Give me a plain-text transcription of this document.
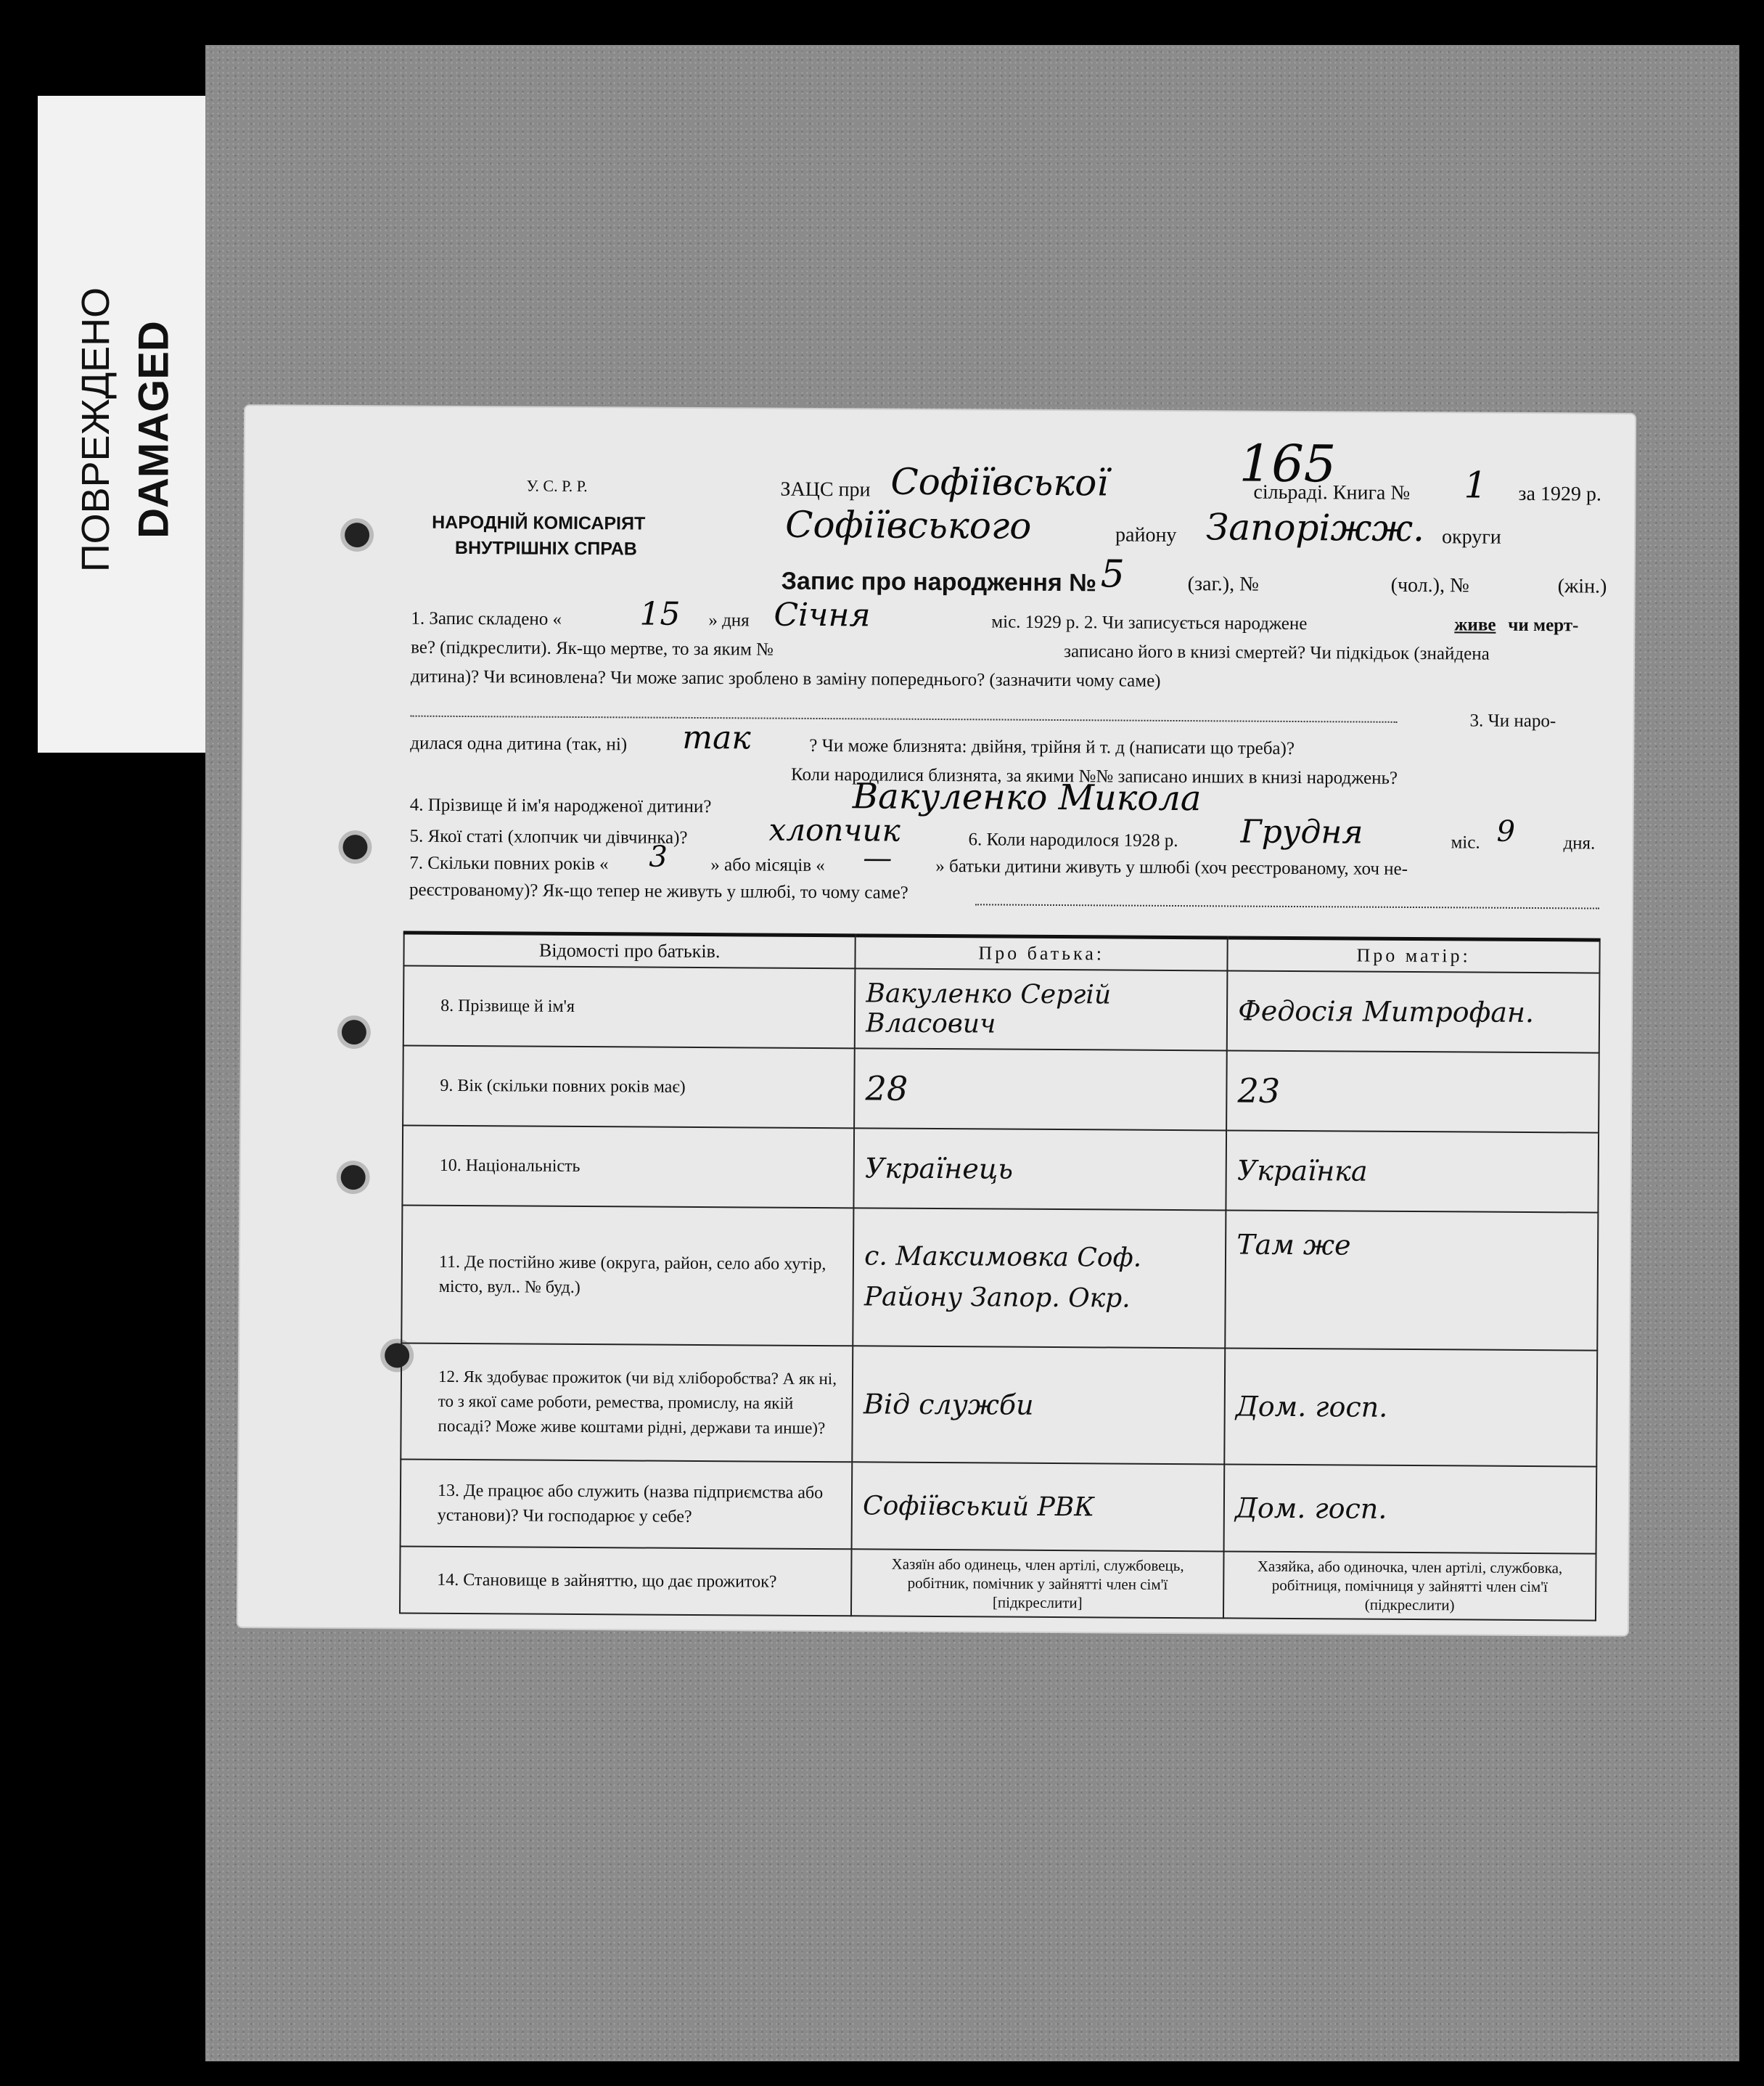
ПОВРЕЖДЕНО DAMAGED	У. С. Р. Р.
НАРОДНІЙ КОМІСАРІЯТ
ВНУТРІШНІХ СПРАВ
ЗАЦС при Софіївської	165
сільраді. Книга № 1 за 1929 р.
Софіївського	району Запоріжж. округи
Запис про народження № 5	(заг.), №	(чол.), №	(жін.)
1. Запис складено « 15 » дня Січня	міс. 1929 р. 2. Чи записується народжене	живе чи мерт-
ве? (підкреслити). Як-що мертве, то за яким №	записано його в книзі смертей? Чи підкідьок (знайдена
дитина)? Чи всиновлена? Чи може запис зроблено в заміну попереднього? (зазначити чому саме)
3. Чи наро-
дилася одна дитина (так, ні) так	? Чи може близнята: двійня, трійня й т. д (написати що треба)?
Коли народилися близнята, за якими №№ записано инших в книзі народжень?
4. Прізвище й ім'я народженої дитини?	Вакуленко Микола
5. Якої статі (хлопчик чи дівчинка)?	хлопчик	6. Коли народилося 1928 р. Грудня	міс. 9	дня.
7. Скільки повних років « 3 » або місяців « — » батьки дитини живуть у шлюбі (хоч реєстрованому, хоч не-
реєстрованому)? Як-що тепер не живуть у шлюбі, то чому саме?
Відомості про батьків.	Про батька:	Про матір:
8. Прізвище й ім'я	Вакуленко Сергій Власович	Федосія Митрофан.
9. Вік (скільки повних років має)	28	23
10. Національність	Українець	Українка
11. Де постійно живе (округа, район, село або хутір, місто, вул.. № буд.)	с. Максимовка Соф. Району Запор. Окр.	Там же
12. Як здобуває прожиток (чи від хліборобства? А як ні, то з якої саме роботи, ремества, промислу, на якій посаді? Може живе коштами рідні, держави та инше)?	Від служби	Дом. госп.
13. Де працює або служить (назва підприємства або установи)? Чи господарює у себе?	Софіївський РВК	Дом. госп.
14. Становище в зайняттю, що дає прожиток?	Хазяїн або одинець, член артілі, службовець, робітник, помічник у зайнятті член сім'ї [підкреслити]	Хазяйка, або одиночка, член артілі, службовка, робітниця, помічниця у зайнятті член сім'ї (підкреслити)
